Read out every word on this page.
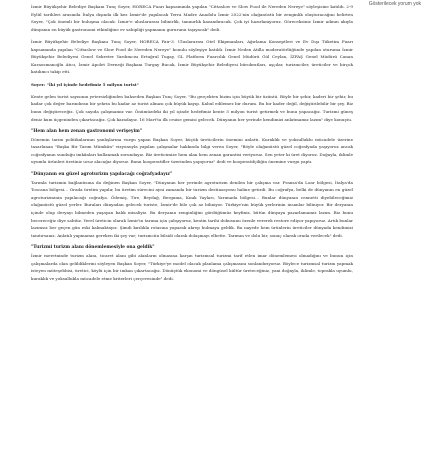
Gösterilecek yorum yok

İzmir Büyükşehir Belediye Başkanı Tunç Soyer, HORECA Fuarı kapsamında yapılan "Cittaslow ve Slow Food ile Nereden Nereye" söyleşisine katıldı. 2-9 Eylül tarihleri arasında İtalya dışında ilk kez İzmir'de yapılacak Terra Madre Anadolu İzmir 2022'nin olağanüstü bir zenginlik oluşturacağını belirten Soyer, "Çok önemli bir buluşma olacak. İzmir'e uluslararası bilinirlik, tanınırlık kazandıracak. Çok iyi hazırlanıyoruz. Göreceksiniz İzmir adının akıyla dünyanın en büyük gastronomi etkinliğine ev sahipliği yapmanın gururunu taşıyacak" dedi.

İzmir Büyükşehir Belediye Başkanı Tunç Soyer, HORECA Fair-3. Uluslararası Otel Ekipmanları, Ağırlama Konseptleri ve Ev Dışı Tüketim Fuarı kapsamında yapılan "Cittaslow ve Slow Food ile Nereden Nereye" konulu söyleşiye katıldı. İzmir Neden Atilla moderatörlüğünde yapılan oturuma İzmir Büyükşehir Belediyesi Genel Sekreter Yardımcısı Ertuğrul Tugay, GL Platform Fuarcılık Genel Müdürü Gül Ceylan, İZFAŞ Genel Müdürü Canan Karaosmanoğlu Atıcı, İzmir Apolet Derneği Başkanı Turgay Bucak, İzmir Büyükşehir Belediyesi bürokratları, aşçılar, turizmciler, üreticiler ve birçok katılımcı takip etti.

Soyer: "İki yıl içinde hedefimiz 5 milyon turist"

Kente gelen turist sayısının yetersizliğinden bahseden Başkan Tunç Soyer, "Bu gerçekten bizim için büyük bir üzüntü. Böyle bir şehir, kaderi bir şehir, bu kadar çok değer barındıran bir şehrin bu kadar az turist alması çok büyük kayıp. Kabul edilemez bir durum. Bu bir kader değil, değiştirilebilir bir şey. Biz bunu değiştireceğiz. Çok sayıda çalışmamız var. Önümüzdeki iki yıl içinde hedefimiz kente 5 milyon turist getirmek ve bunu yapacağız. Turizmi güneş deniz kum üçgeninden çıkartacağız. Çok karadayız. 16 Mart'ta ilk cruise gemisi gelecek. Dünyanın her yerinde kendimizi anlatmamız lazım" diye konuştu.

"Hem alan hem zenan gastronomi verişeyim"

Dönemin tarım politikalarının yanlışlarına vurgu yapan Başkan Soyer, küçük üreticilerin önemini anlattı. Kuraklık ve yoksulluklu mücadele üzerine tasarlanan "Başka Bir Tarım Mümkün" vizyonuyla yapılan çalışmalar hakkında bilgi veren Soyer, "Böyle olağanüstü güzel coğrafyada yaşıyoruz ancak coğrafyanın sunduğu imkânları kullanmak zorundayız. Biz üreticimize hem alan hem zenan garantisi veriyoruz. Sen yeter ki üret diyoruz. Doğayla, iklimle uyumlu ürünleri üretiniz ucuz alacağız diyoruz. Bunu kooperatifler üzerinden yapıyoruz" dedi ve kooperatifçiliğin önemine vurgu yaptı.

"Dünyanın en güzel agroturizm yapılacağı coğrafyadayız"

Tarımla turizmin bağlantısına da değinen Başkan Soyer, "Dünyanın her yerinde agroturizm denilen bir çalışma var. Fransa'da Loar bölgesi, İtalya'da Toscana bölgesi… Orada üretim yapılır, bu üretim sürecini ayni zamanda bir turizm destinasyonu haline getirdi. Bu coğrafya, belki de dünyanın en güzel agroturizminin yapılacağı coğrafya. Ödemiş, Tire, Beydağ, Bergama, Kınık Yayları, Yarımada bölgesi… Bunlar dünyanın cennetti diyebileceğimiz olağanüstü güzel yerler. Buraları dünyadan gelecek turiste, İzmir'de bile çok az biliniyor. Türkiye'nin büyük yerlerinin insanlar biliniyor. Bir deryanın içinde olup deryayı bilmeden yaşayan balık misaliyiz. Bu deryanın zenginliğini gördüğümüz keyfiniz, bütün dünyaya pazarlamamız lazım. Biz bunu becereceğiz diye sabitiz. Yerel üreticin olarak İzmir'in tarıma için çabşıyoruz, kentin tarihi dokusunu özenle vererek restore ediyor yapıyoruz. Artık bunlar lazımsız her geçen gün eski kalmaktayız. Şimdi kırılıkla rotasına yaparak akrep bulmaya geldik. Bu nayede hem ürünlerin üreticiler dünyada kendimizi tanıtırsanız. Anlatılı yapmamız gereken iki şey var; turizmciin bilsidi olarak dolaşmayı elbette. Tarımın ve dolu bir, sonuç olarak orada verilecek" dedi.

"Turizmi turizm alanı dönemlemesiyle ona geldik"

İzmir meretninde turizm alanı, ticaret alanı gibi alanların olmasına karşın turizmsal turizmi tarif etlen imar dönemlemesi olmadığını ve bunun için çalışmalarda olan gelildiklerini söyleyen Başkan Soyer, "Türkiye'ye model olacak planlama çalışmasını sonlandırıyoruz. Böylece turizmsal turizm yapmak isteyen müteşebbisi, üretici, köylü için bir imkan çıkartacağız. Dönüştük ekonomi ve döngüsel kültür üreteceğiniz, yani doğayla, iklimle, toprakla uyumlu, kuraklık ve yoksullukla mücadele etme kriterleri çerçevesinde" dedi.
